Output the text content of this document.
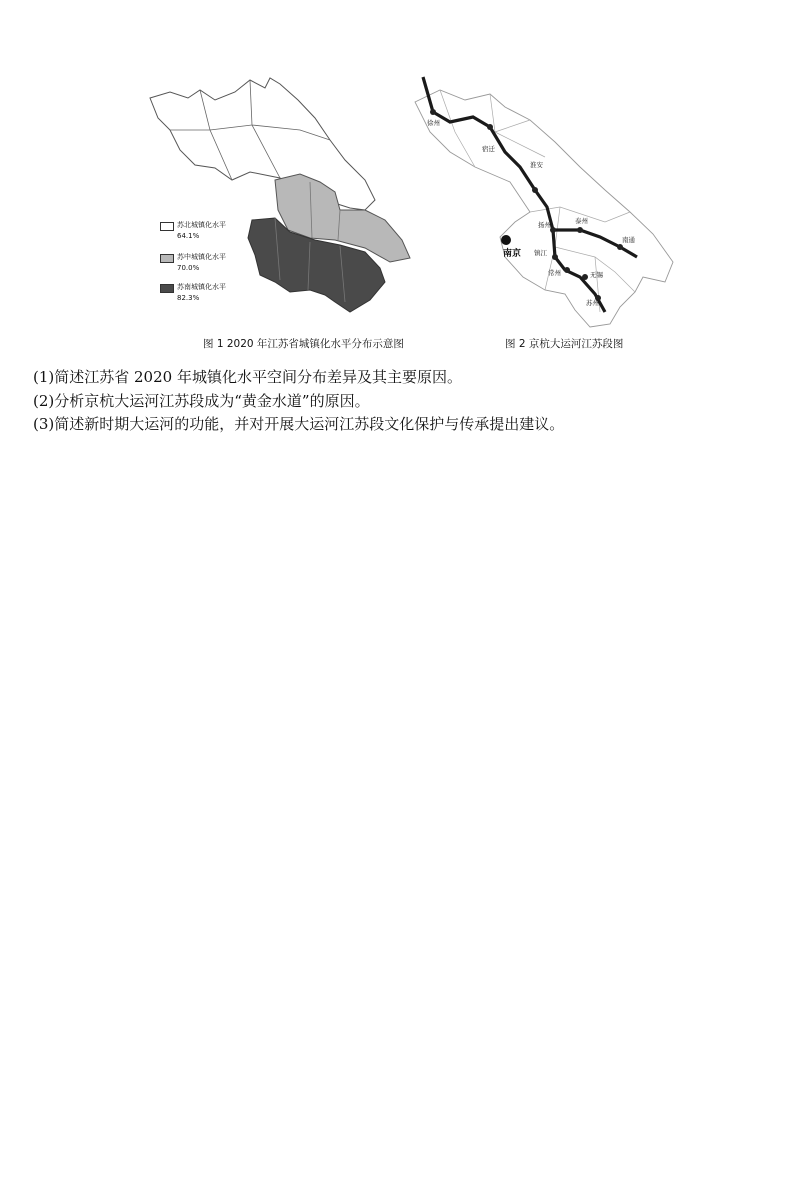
苏北城镇化水平
64.1%
苏中城镇化水平
70.0%
苏南城镇化水平
82.3%
图 1 2020 年江苏省城镇化水平分布示意图
徐州
宿迁
淮安
扬州	泰州
南通
镇江
常州	无锡
苏州
南京
图 2 京杭大运河江苏段图
(1)简述江苏省 2020 年城镇化水平空间分布差异及其主要原因。
(2)分析京杭大运河江苏段成为“黄金水道”的原因。
(3)简述新时期大运河的功能，并对开展大运河江苏段文化保护与传承提出建议。
